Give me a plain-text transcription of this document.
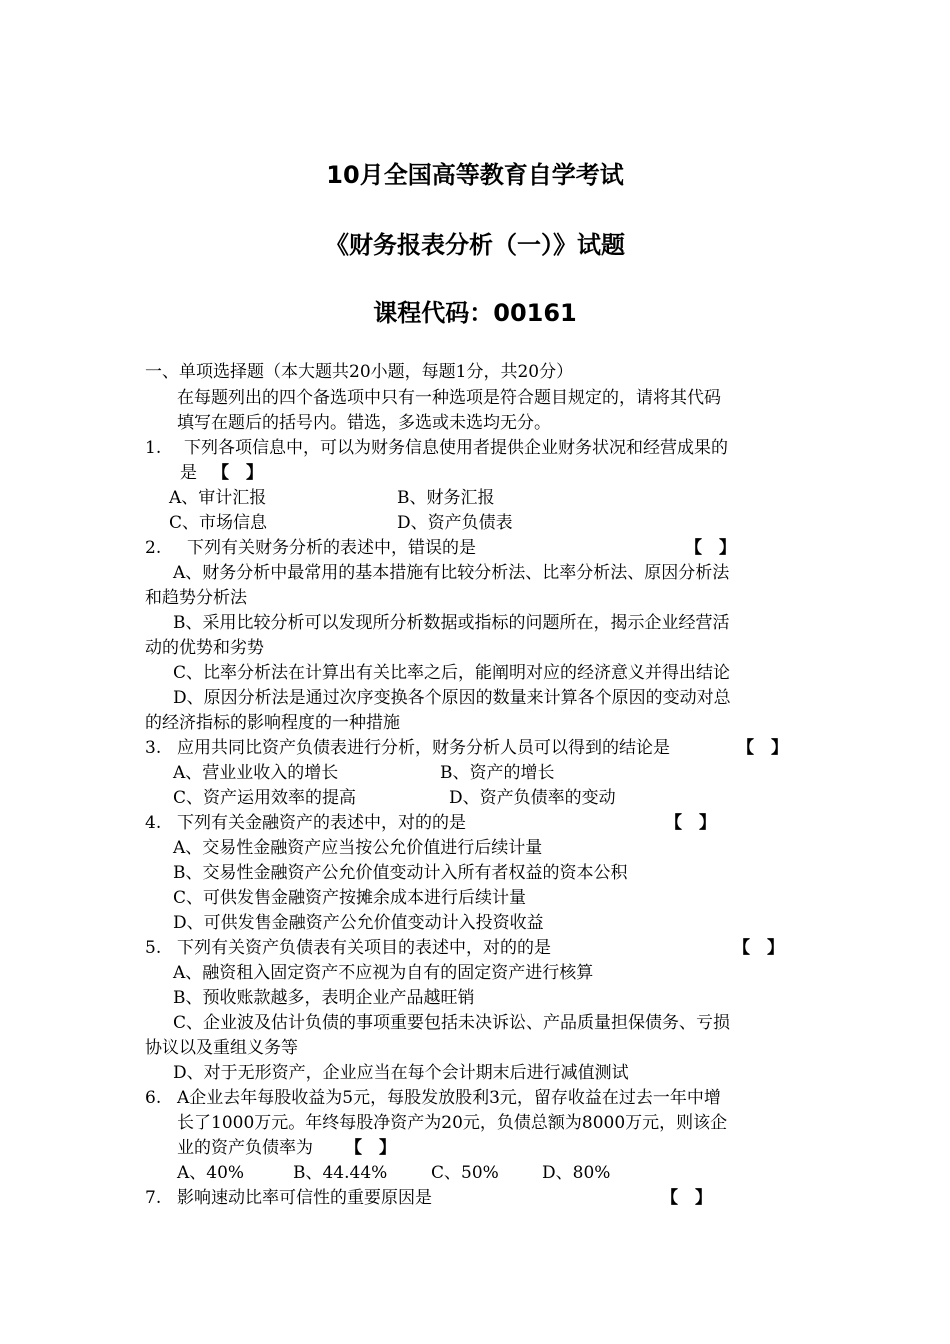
10月全国高等教育自学考试
《财务报表分析（一）》试题
课程代码：00161
一、单项选择题（本大题共20小题，每题1分，共20分）
在每题列出的四个备选项中只有一种选项是符合题目规定的，请将其代码
填写在题后的括号内。错选，多选或未选均无分。
1. 下列各项信息中，可以为财务信息使用者提供企业财务状况和经营成果的
是 【　】
A、审计汇报	B、财务汇报
C、市场信息	D、资产负债表
2. 下列有关财务分析的表述中，错误的是	【　】
A、财务分析中最常用的基本措施有比较分析法、比率分析法、原因分析法
和趋势分析法
B、采用比较分析可以发现所分析数据或指标的问题所在，揭示企业经营活
动的优势和劣势
C、比率分析法在计算出有关比率之后，能阐明对应的经济意义并得出结论
D、原因分析法是通过次序变换各个原因的数量来计算各个原因的变动对总
的经济指标的影响程度的一种措施
3. 应用共同比资产负债表进行分析，财务分析人员可以得到的结论是	【　】
A、营业业收入的增长	B、资产的增长
C、资产运用效率的提高	D、资产负债率的变动
4. 下列有关金融资产的表述中，对的的是	【　】
A、交易性金融资产应当按公允价值进行后续计量
B、交易性金融资产公允价值变动计入所有者权益的资本公积
C、可供发售金融资产按摊余成本进行后续计量
D、可供发售金融资产公允价值变动计入投资收益
5. 下列有关资产负债表有关项目的表述中，对的的是	【　】
A、融资租入固定资产不应视为自有的固定资产进行核算
B、预收账款越多，表明企业产品越旺销
C、企业波及估计负债的事项重要包括未决诉讼、产品质量担保债务、亏损
协议以及重组义务等
D、对于无形资产，企业应当在每个会计期末后进行减值测试
6. A企业去年每股收益为5元，每股发放股利3元，留存收益在过去一年中增
长了1000万元。年终每股净资产为20元，负债总额为8000万元，则该企
业的资产负债率为 【　】
A、40%	B、44.44%	C、50%	D、80%
7. 影响速动比率可信性的重要原因是	【　】
